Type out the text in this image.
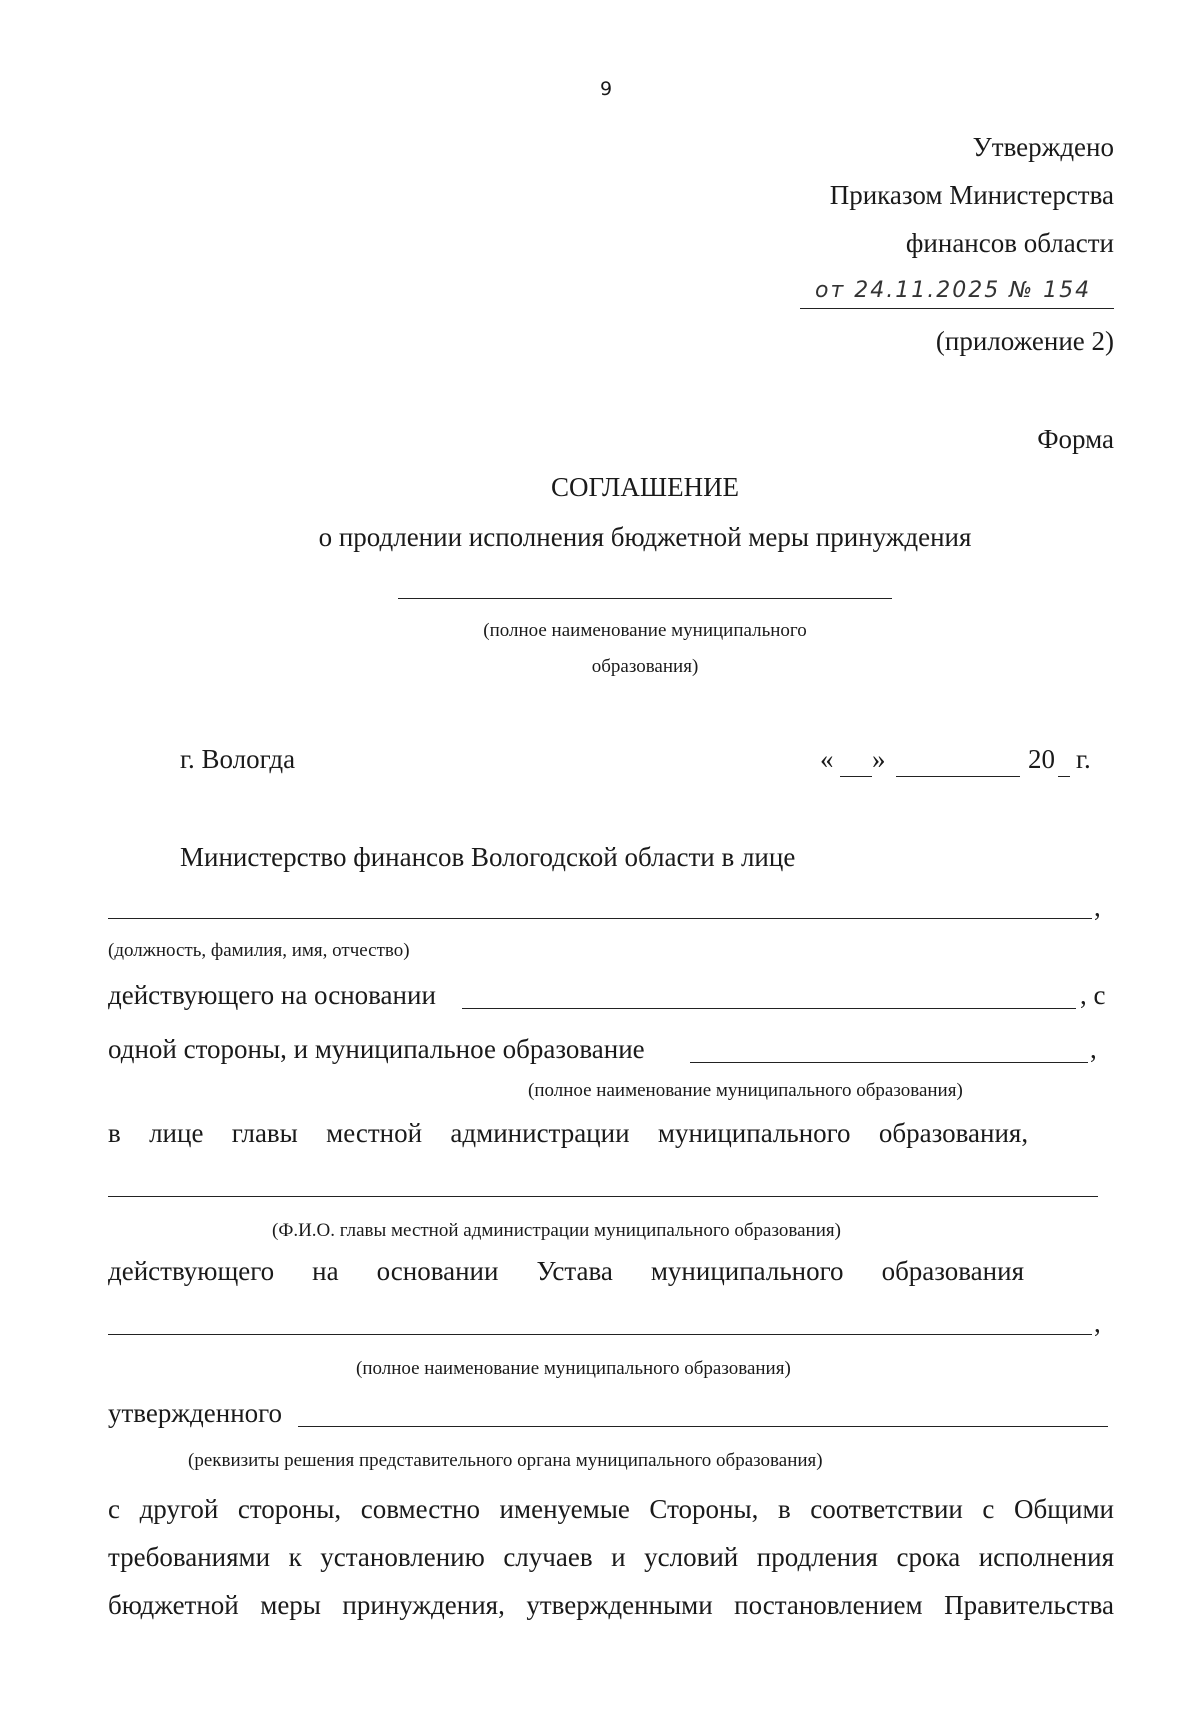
9
Утверждено
Приказом Министерства
финансов области
от 24.11.2025 № 154
(приложение 2)
Форма
СОГЛАШЕНИЕ
о продлении исполнения бюджетной меры принуждения
(полное наименование муниципального
образования)
г. Вологда	« »	20 г.
Министерство финансов Вологодской области в лице
,
(должность, фамилия, имя, отчество)
действующего на основании	, с
одной стороны, и муниципальное образование	,
(полное наименование муниципального образования)
в лице главы местной администрации муниципального образования,
(Ф.И.О. главы местной администрации муниципального образования)
действующего на основании Устава муниципального образования
,
(полное наименование муниципального образования)
утвержденного
(реквизиты решения представительного органа муниципального образования)
с другой стороны, совместно именуемые Стороны, в соответствии с Общими
требованиями к установлению случаев и условий продления срока исполнения
бюджетной меры принуждения, утвержденными постановлением Правительства
